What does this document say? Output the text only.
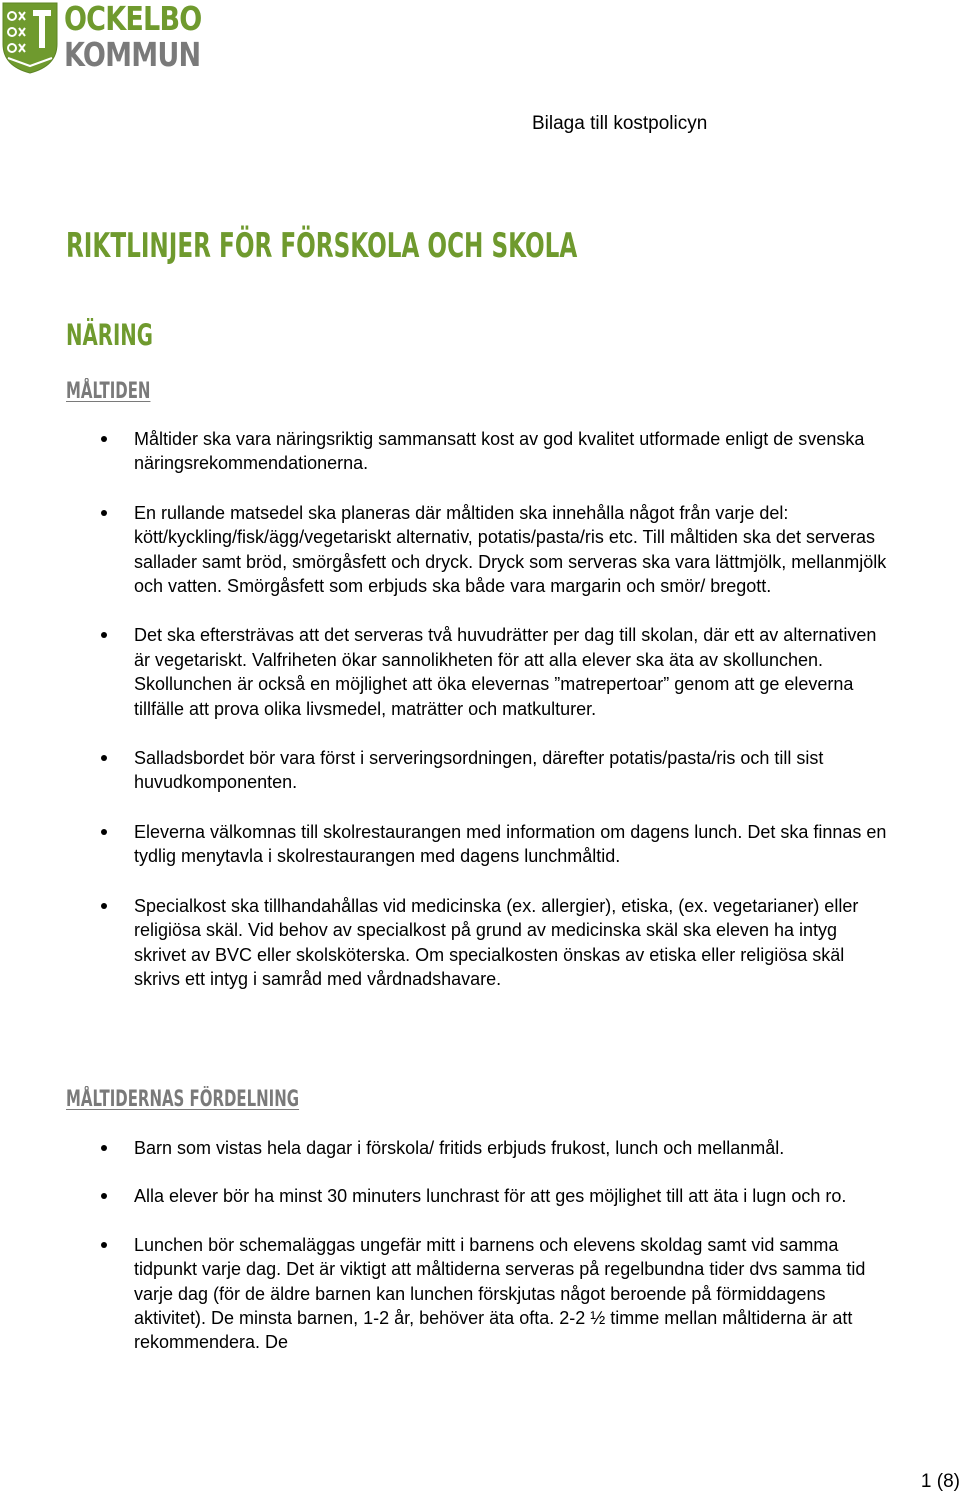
OCKELBO
KOMMUN
Bilaga till kostpolicyn
RIKTLINJER FÖR FÖRSKOLA OCH SKOLA
NÄRING
MÅLTIDEN
Måltider ska vara näringsriktig sammansatt kost av god kvalitet utformade enligt de svenska näringsrekommendationerna.
En rullande matsedel ska planeras där måltiden ska innehålla något från varje del: kött/kyckling/fisk/ägg/vegetariskt alternativ, potatis/pasta/ris etc. Till måltiden ska det serveras sallader samt bröd, smörgåsfett och dryck. Dryck som serveras ska vara lättmjölk, mellanmjölk och vatten. Smörgåsfett som erbjuds ska både vara margarin och smör/ bregott.
Det ska eftersträvas att det serveras två huvudrätter per dag till skolan, där ett av alternativen är vegetariskt. Valfriheten ökar sannolikheten för att alla elever ska äta av skollunchen. Skollunchen är också en möjlighet att öka elevernas ”matrepertoar” genom att ge eleverna tillfälle att prova olika livsmedel, maträtter och matkulturer.
Salladsbordet bör vara först i serveringsordningen, därefter potatis/pasta/ris och till sist huvudkomponenten.
Eleverna välkomnas till skolrestaurangen med information om dagens lunch. Det ska finnas en tydlig menytavla i skolrestaurangen med dagens lunchmåltid.
Specialkost ska tillhandahållas vid medicinska (ex. allergier), etiska, (ex. vegetarianer) eller religiösa skäl. Vid behov av specialkost på grund av medicinska skäl ska eleven ha intyg skrivet av BVC eller skolsköterska. Om specialkosten önskas av etiska eller religiösa skäl skrivs ett intyg i samråd med vårdnadshavare.
MÅLTIDERNAS FÖRDELNING
Barn som vistas hela dagar i förskola/ fritids erbjuds frukost, lunch och mellanmål.
Alla elever bör ha minst 30 minuters lunchrast för att ges möjlighet till att äta i lugn och ro.
Lunchen bör schemaläggas ungefär mitt i barnens och elevens skoldag samt vid samma tidpunkt varje dag. Det är viktigt att måltiderna serveras på regelbundna tider dvs samma tid varje dag (för de äldre barnen kan lunchen förskjutas något beroende på förmiddagens aktivitet). De minsta barnen, 1-2 år, behöver äta ofta. 2-2 ½ timme mellan måltiderna är att rekommendera. De
1 (8)
